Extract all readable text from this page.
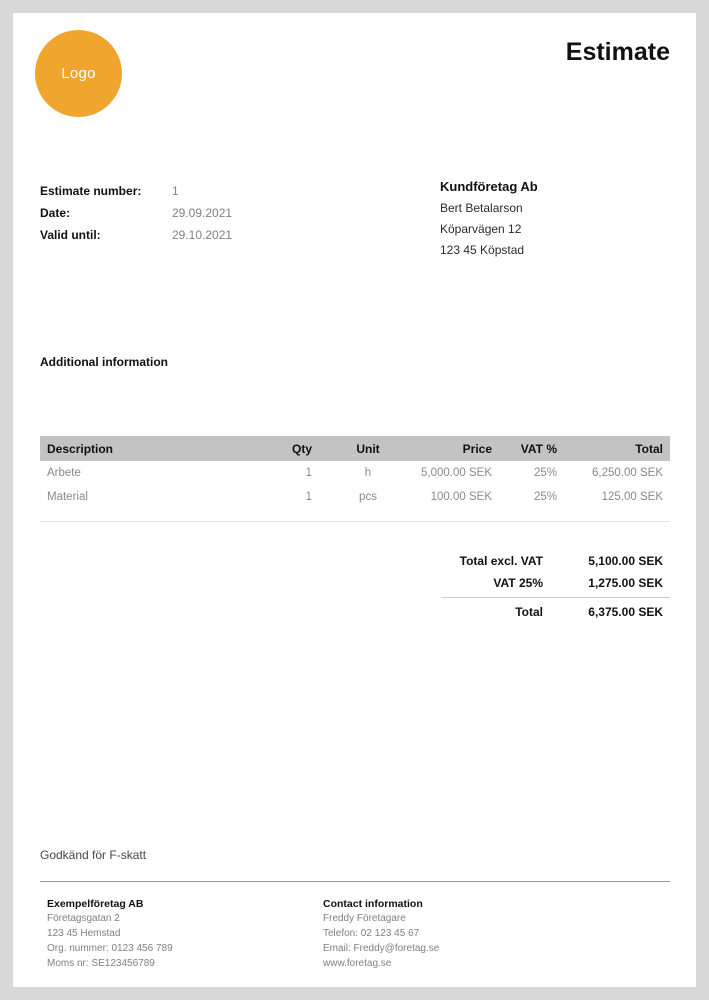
Logo
Estimate
Estimate number:	1
Date:	29.09.2021
Valid until:	29.10.2021
Kundföretag Ab
Bert Betalarson
Köparvägen 12
123 45 Köpstad
Additional information
Description	Qty	Unit	Price	VAT %	Total
Arbete	1	h	5,000.00 SEK	25%	6,250.00 SEK
Material	1	pcs	100.00 SEK	25%	125.00 SEK
Total excl. VAT	5,100.00 SEK
VAT 25%	1,275.00 SEK
Total	6,375.00 SEK
Godkänd för F-skatt
Exempelföretag AB
Företagsgatan 2
123 45 Hemstad
Org. nummer: 0123 456 789
Moms nr: SE123456789
Contact information
Freddy Företagare
Telefon: 02 123 45 67
Email: Freddy@foretag.se
www.foretag.se
